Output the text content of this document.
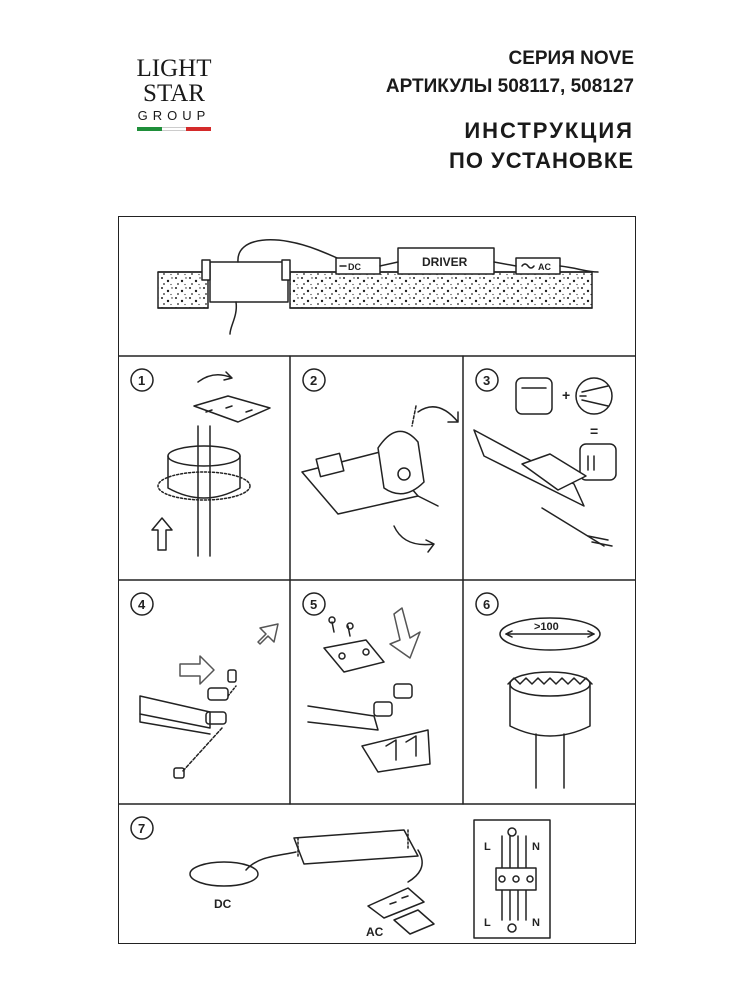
LIGHT
STAR
GROUP
СЕРИЯ NOVE
АРТИКУЛЫ 508117, 508127
ИНСТРУКЦИЯ
ПО УСТАНОВКЕ
DC	DRIVER	AC
1	2	3
4	5	6
7
+
=
>100
DC
AC
L	N
L	N
